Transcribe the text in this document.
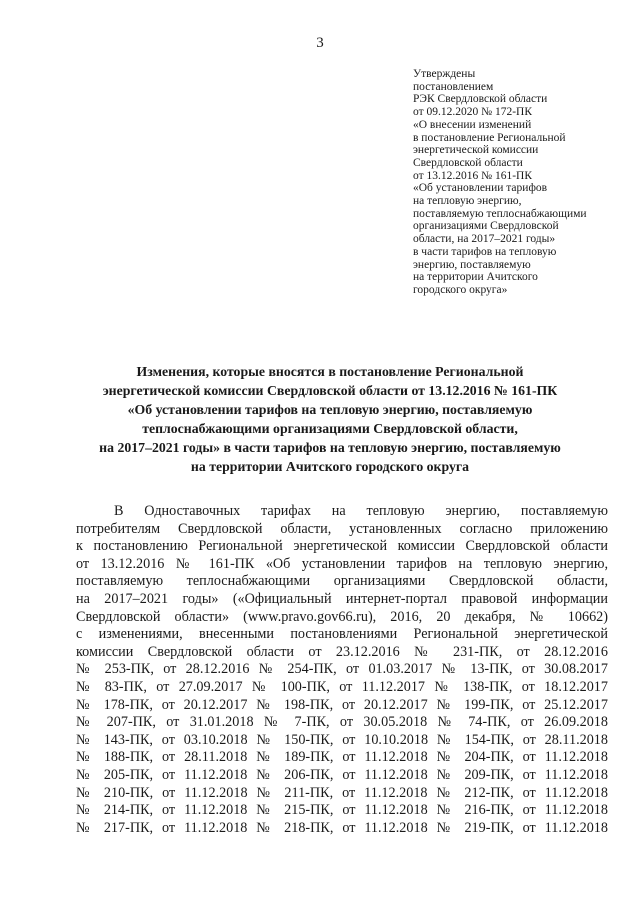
3
Утверждены
постановлением
РЭК Свердловской области
от 09.12.2020 № 172-ПК
«О внесении изменений
в постановление Региональной
энергетической комиссии
Свердловской области
от 13.12.2016 № 161-ПК
«Об установлении тарифов
на тепловую энергию,
поставляемую теплоснабжающими
организациями Свердловской
области, на 2017–2021 годы»
в части тарифов на тепловую
энергию, поставляемую
на территории Ачитского
городского округа»
Изменения, которые вносятся в постановление Региональной
энергетической комиссии Свердловской области от 13.12.2016 № 161-ПК
«Об установлении тарифов на тепловую энергию, поставляемую
теплоснабжающими организациями Свердловской области,
на 2017–2021 годы» в части тарифов на тепловую энергию, поставляемую
на территории Ачитского городского округа
В Одноставочных тарифах на тепловую энергию, поставляемую
потребителям Свердловской области, установленных согласно приложению
к постановлению Региональной энергетической комиссии Свердловской области
от 13.12.2016 № 161-ПК «Об установлении тарифов на тепловую энергию,
поставляемую теплоснабжающими организациями Свердловской области,
на 2017–2021 годы» («Официальный интернет-портал правовой информации
Свердловской области» (www.pravo.gov66.ru), 2016, 20 декабря, № 10662)
с изменениями, внесенными постановлениями Региональной энергетической
комиссии Свердловской области от 23.12.2016 № 231-ПК, от 28.12.2016
№ 253-ПК, от 28.12.2016 № 254-ПК, от 01.03.2017 № 13-ПК, от 30.08.2017
№ 83-ПК, от 27.09.2017 № 100-ПК, от 11.12.2017 № 138-ПК, от 18.12.2017
№ 178-ПК, от 20.12.2017 № 198-ПК, от 20.12.2017 № 199-ПК, от 25.12.2017
№ 207-ПК, от 31.01.2018 № 7-ПК, от 30.05.2018 № 74-ПК, от 26.09.2018
№ 143-ПК, от 03.10.2018 № 150-ПК, от 10.10.2018 № 154-ПК, от 28.11.2018
№ 188-ПК, от 28.11.2018 № 189-ПК, от 11.12.2018 № 204-ПК, от 11.12.2018
№ 205-ПК, от 11.12.2018 № 206-ПК, от 11.12.2018 № 209-ПК, от 11.12.2018
№ 210-ПК, от 11.12.2018 № 211-ПК, от 11.12.2018 № 212-ПК, от 11.12.2018
№ 214-ПК, от 11.12.2018 № 215-ПК, от 11.12.2018 № 216-ПК, от 11.12.2018
№ 217-ПК, от 11.12.2018 № 218-ПК, от 11.12.2018 № 219-ПК, от 11.12.2018
